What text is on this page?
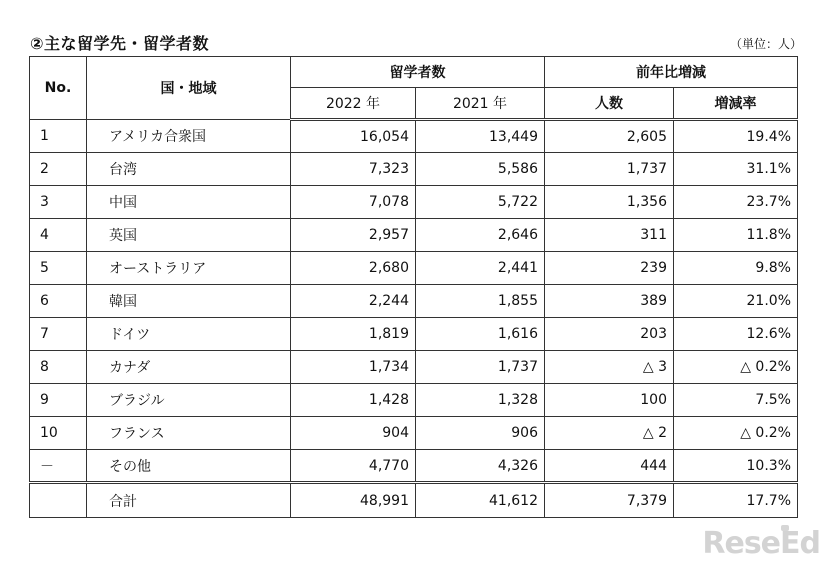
②主な留学先・留学者数	（単位：人）
No.	国・地域	留学者数		前年比増減	
		2022 年	2021 年	人数	増減率
1	アメリカ合衆国	16,054	13,449	2,605	19.4%
2	台湾	7,323	5,586	1,737	31.1%
3	中国	7,078	5,722	1,356	23.7%
4	英国	2,957	2,646	311	11.8%
5	オーストラリア	2,680	2,441	239	9.8%
6	韓国	2,244	1,855	389	21.0%
7	ドイツ	1,819	1,616	203	12.6%
8	カナダ	1,734	1,737	△ 3	△ 0.2%
9	ブラジル	1,428	1,328	100	7.5%
10	フランス	904	906	△ 2	△ 0.2%
－	その他	4,770	4,326	444	10.3%
	合計	48,991	41,612	7,379	17.7%
ReseEd
